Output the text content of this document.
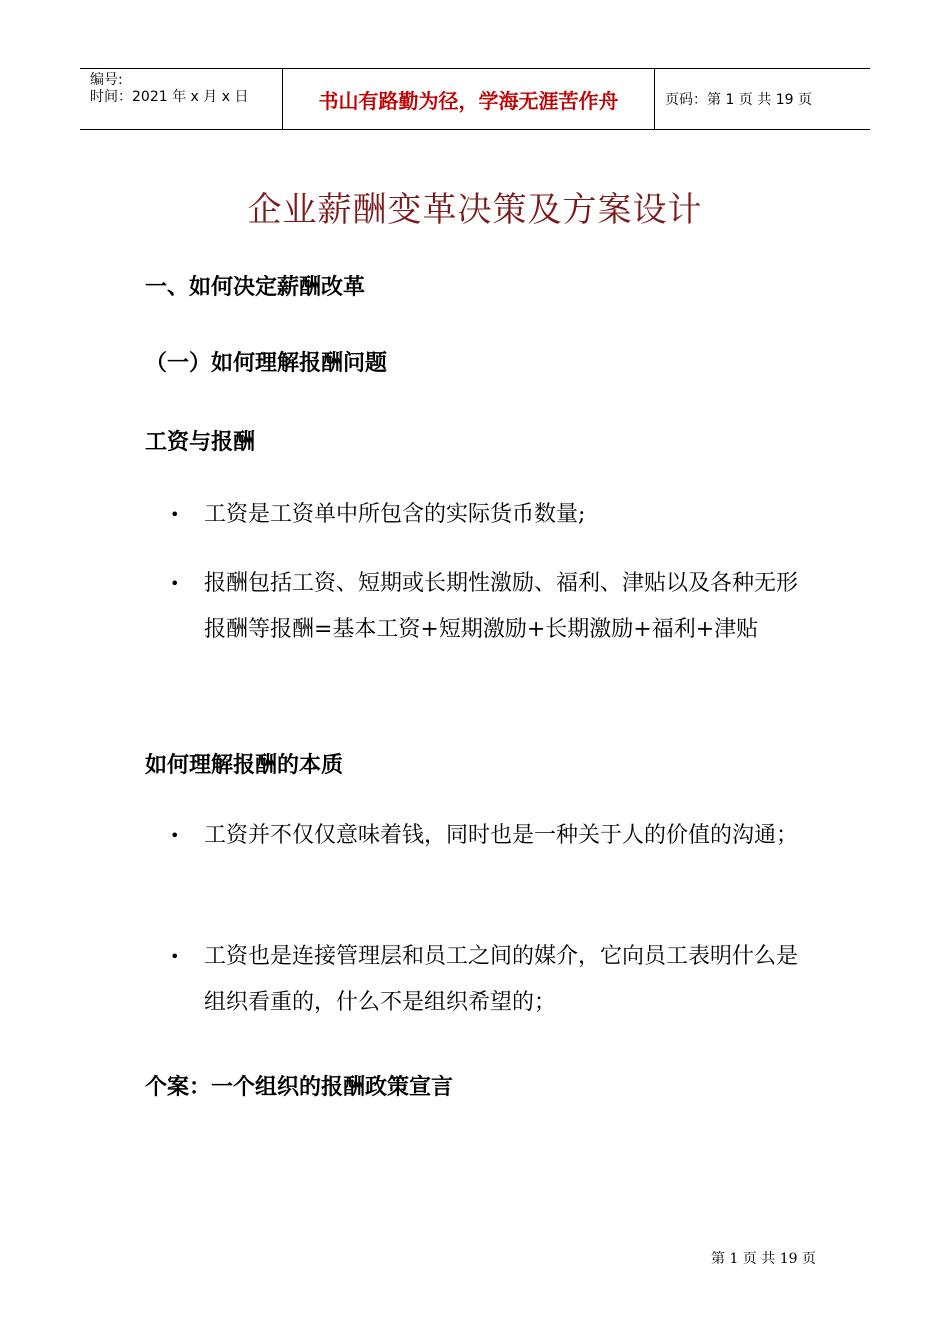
编号:
时间：2021 年 x 月 x 日	书山有路勤为径，学海无涯苦作舟	页码：第 1 页 共 19 页
企业薪酬变革决策及方案设计
一、如何决定薪酬改革
（一）如何理解报酬问题
工资与报酬
• 工资是工资单中所包含的实际货币数量;
• 报酬包括工资、短期或长期性激励、福利、津贴以及各种无形报酬等报酬=基本工资+短期激励+长期激励+福利+津贴
如何理解报酬的本质
• 工资并不仅仅意味着钱，同时也是一种关于人的价值的沟通；
• 工资也是连接管理层和员工之间的媒介，它向员工表明什么是组织看重的，什么不是组织希望的；
个案：一个组织的报酬政策宣言
第 1 页 共 19 页
